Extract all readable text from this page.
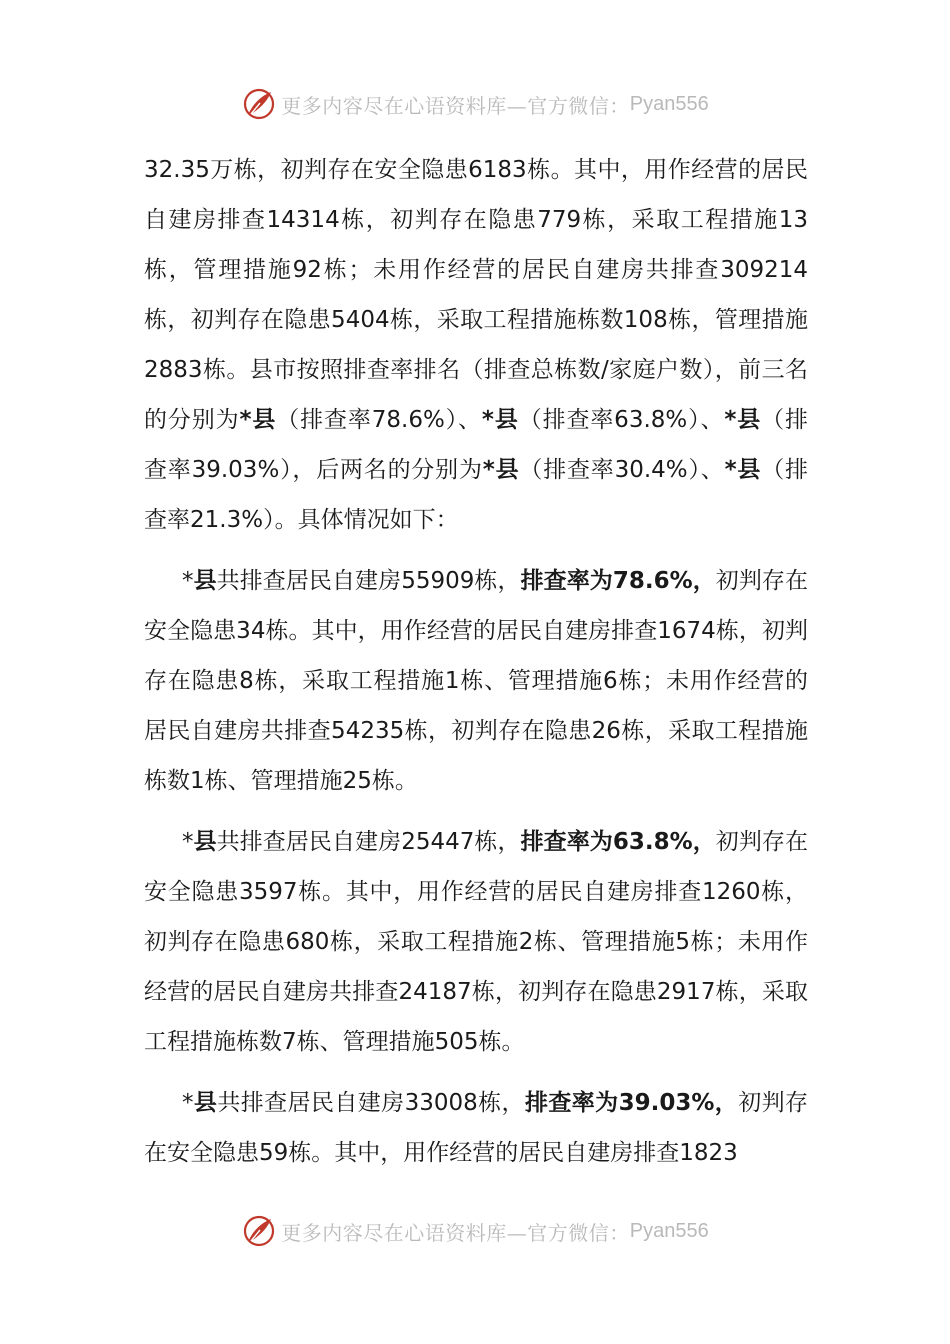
更多内容尽在心语资料库—官方微信： Pyan556

32.35万栋，初判存在安全隐患6183栋。其中，用作经营的居民自建房排查14314栋，初判存在隐患779栋，采取工程措施13栋，管理措施92栋；未用作经营的居民自建房共排查309214栋，初判存在隐患5404栋，采取工程措施栋数108栋，管理措施2883栋。县市按照排查率排名（排查总栋数/家庭户数），前三名的分别为*县（排查率78.6%）、*县（排查率63.8%）、*县（排查率39.03%），后两名的分别为*县（排查率30.4%）、*县（排查率21.3%）。具体情况如下：

*县共排查居民自建房55909栋，排查率为78.6%，初判存在安全隐患34栋。其中，用作经营的居民自建房排查1674栋，初判存在隐患8栋，采取工程措施1栋、管理措施6栋；未用作经营的居民自建房共排查54235栋，初判存在隐患26栋，采取工程措施栋数1栋、管理措施25栋。

*县共排查居民自建房25447栋，排查率为63.8%，初判存在安全隐患3597栋。其中，用作经营的居民自建房排查1260栋，初判存在隐患680栋，采取工程措施2栋、管理措施5栋；未用作经营的居民自建房共排查24187栋，初判存在隐患2917栋，采取工程措施栋数7栋、管理措施505栋。

*县共排查居民自建房33008栋，排查率为39.03%，初判存在安全隐患59栋。其中，用作经营的居民自建房排查1823

更多内容尽在心语资料库—官方微信： Pyan556
